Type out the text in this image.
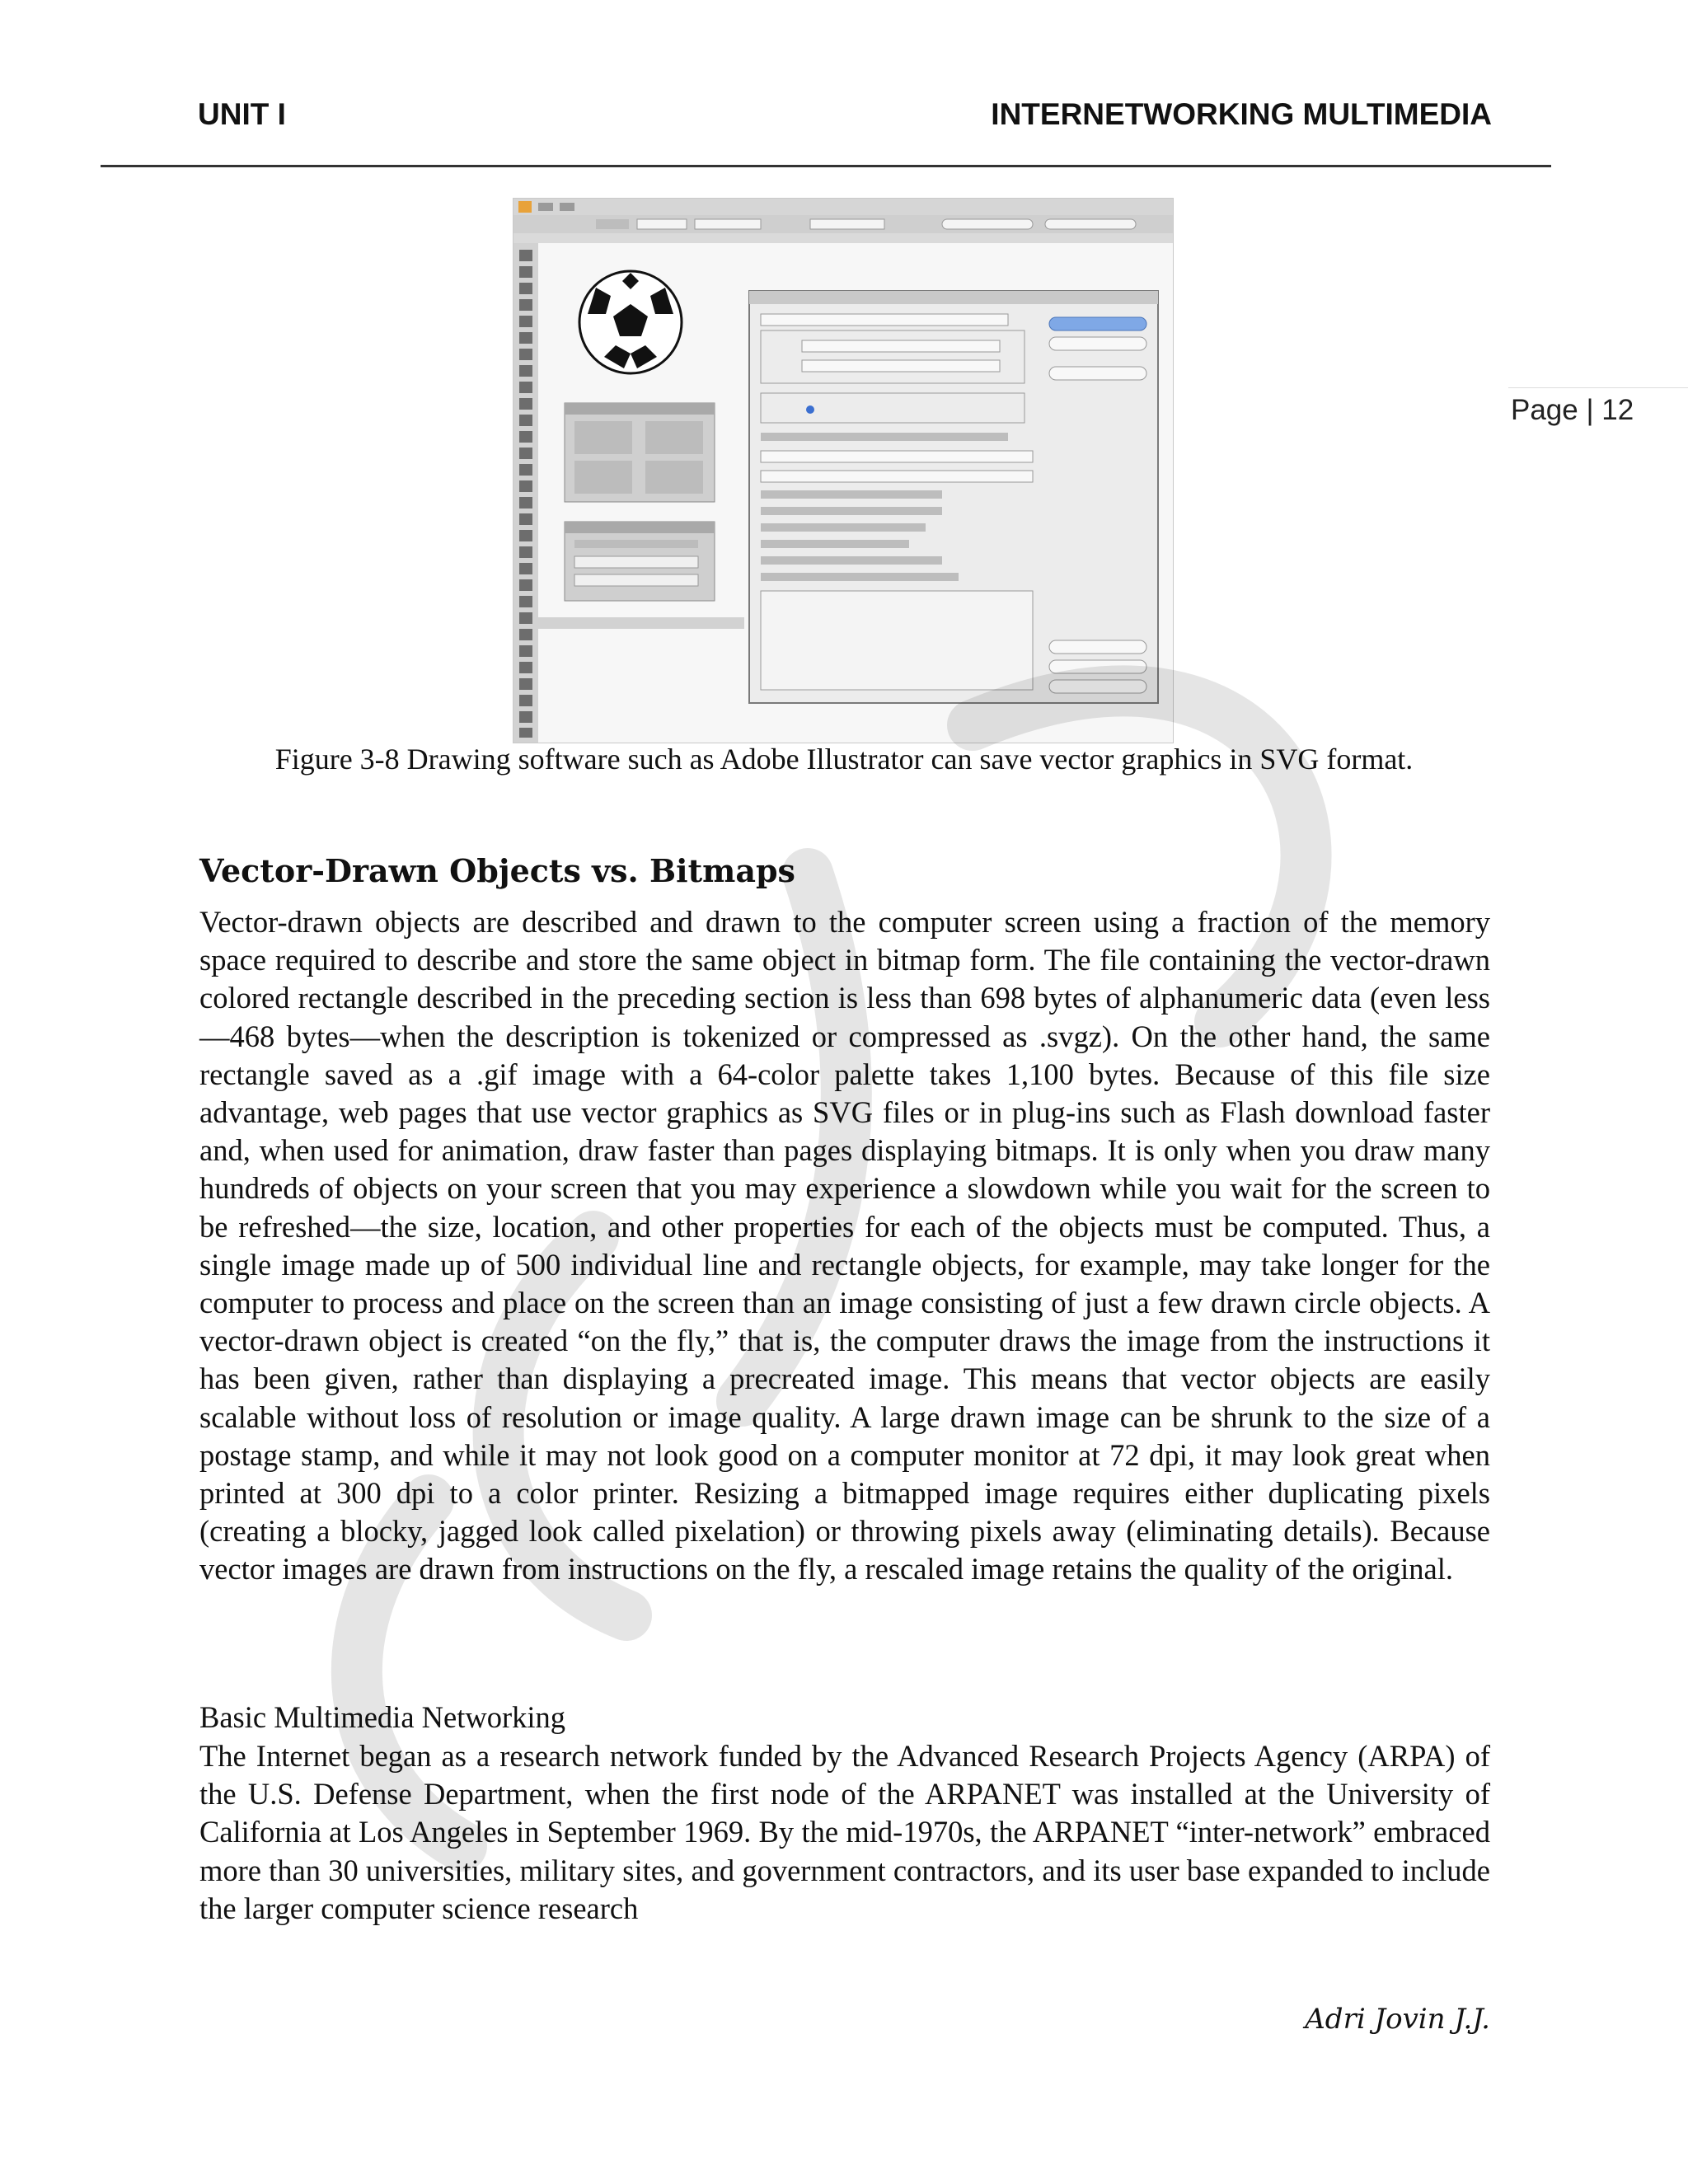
UNIT I	INTERNETWORKING MULTIMEDIA
Page | 12
Figure 3-8 Drawing software such as Adobe Illustrator can save vector graphics in SVG format.
Vector-Drawn Objects vs. Bitmaps

Vector-drawn objects are described and drawn to the computer screen using a fraction of the memory space required to describe and store the same object in bitmap form. The file containing the vector-drawn colored rectangle described in the preceding section is less than 698 bytes of alphanumeric data (even less—468 bytes—when the description is tokenized or compressed as .svgz). On the other hand, the same rectangle saved as a .gif image with a 64-color palette takes 1,100 bytes. Because of this file size advantage, web pages that use vector graphics as SVG files or in plug-ins such as Flash download faster and, when used for animation, draw faster than pages displaying bitmaps. It is only when you draw many hundreds of objects on your screen that you may experience a slowdown while you wait for the screen to be refreshed—the size, location, and other properties for each of the objects must be computed. Thus, a single image made up of 500 individual line and rectangle objects, for example, may take longer for the computer to process and place on the screen than an image consisting of just a few drawn circle objects. A vector-drawn object is created “on the fly,” that is, the computer draws the image from the instructions it has been given, rather than displaying a precreated image. This means that vector objects are easily scalable without loss of resolution or image quality. A large drawn image can be shrunk to the size of a postage stamp, and while it may not look good on a computer monitor at 72 dpi, it may look great when printed at 300 dpi to a color printer. Resizing a bitmapped image requires either duplicating pixels (creating a blocky, jagged look called pixelation) or throwing pixels away (eliminating details). Because vector images are drawn from instructions on the fly, a rescaled image retains the quality of the original.

Basic Multimedia Networking

The Internet began as a research network funded by the Advanced Research Projects Agency (ARPA) of the U.S. Defense Department, when the first node of the ARPANET was installed at the University of California at Los Angeles in September 1969. By the mid-1970s, the ARPANET “inter-network” embraced more than 30 universities, military sites, and government contractors, and its user base expanded to include the larger computer science research

Adri Jovin J.J.
